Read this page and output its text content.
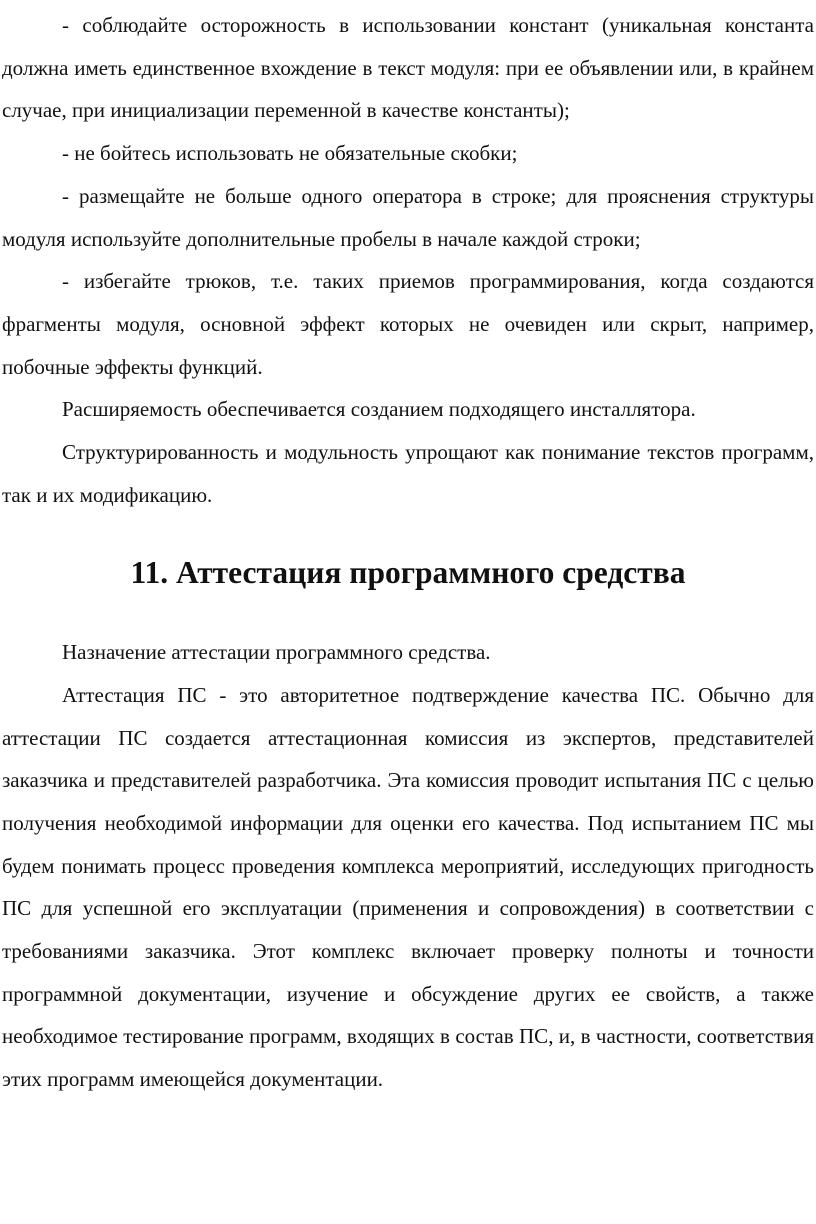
- соблюдайте осторожность в использовании констант (уникальная константа должна иметь единственное вхождение в текст модуля: при ее объявлении или, в крайнем случае, при инициализации переменной в качестве константы);

- не бойтесь использовать не обязательные скобки;

- размещайте не больше одного оператора в строке; для прояснения структуры модуля используйте дополнительные пробелы в начале каждой строки;

- избегайте трюков, т.е. таких приемов программирования, когда создаются фрагменты модуля, основной эффект которых не очевиден или скрыт, например, побочные эффекты функций.

Расширяемость обеспечивается созданием подходящего инсталлятора.

Структурированность и модульность упрощают как понимание текстов программ, так и их модификацию.

11. Аттестация программного средства

Назначение аттестации программного средства.

Аттестация ПС - это авторитетное подтверждение качества ПС. Обычно для аттестации ПС создается аттестационная комиссия из экспертов, представителей заказчика и представителей разработчика. Эта комиссия проводит испытания ПС с целью получения необходимой информации для оценки его качества. Под испытанием ПС мы будем понимать процесс проведения комплекса мероприятий, исследующих пригодность ПС для успешной его эксплуатации (применения и сопровождения) в соответствии с требованиями заказчика. Этот комплекс включает проверку полноты и точности программной документации, изучение и обсуждение других ее свойств, а также необходимое тестирование программ, входящих в состав ПС, и, в частности, соответствия этих программ имеющейся документации.
